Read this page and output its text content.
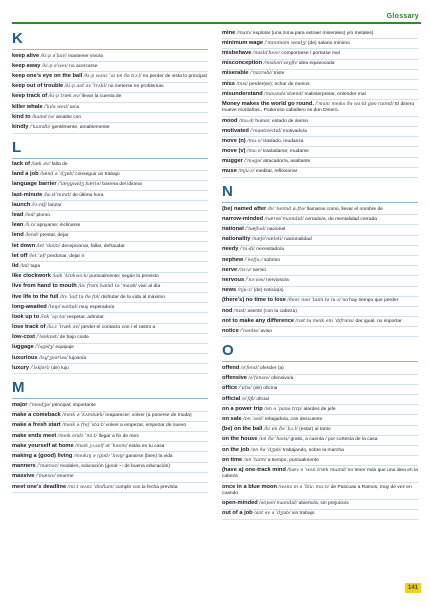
Glossary
K
keep alive /kiːp əˈlaɪv/ mantener vivo/a
keep away /kiːp əˈweɪ/ no acercarse
keep one's eye on the ball /kiːp wʌnz ˈaɪ ɒn ðə bɔːl/ no perder de vista lo principal
keep out of trouble /kiːp aʊt əv ˈtrʌbl/ no meterse en problemas
keep track of /kiːp træk əv/ llevar la cuenta de
killer whale /ˈkɪlə weɪl/ orca
kind to /kaɪnd tə/ amable con
kindly /ˈkaɪndli/ gentilmente, amablemente
L
lack of /læk əv/ falta de
land a job /lænd ə ˈdʒɒb/ conseguir un trabajo
language barrier /ˈlæŋɡwɪdʒ bæriə/ barrera del idioma
last-minute /lɑːstˈmɪnɪt/ de última hora
launch /lɔːntʃ/ lanzar
lead /led/ plomo
lean /liːn/ apoyarse; inclinarse
lend /lend/ prestar, dejar
let down /let ˈdaʊn/ decepcionar, fallar, defraudar
let off /let ˈɒf/ perdonar, dejar ir
lid /lɪd/ tapa
like clockwork /laɪk ˈklɒkwɜːk/ puntualmente; según lo previsto
live from hand to mouth /lɪv frɒm hænd tə ˈmaʊθ/ vivir al día
live life to the full /lɪv ˈlaɪf tə ðə fʊl/ disfrutar de la vida al máximo
long-awaited /lɒŋəˈweɪtɪd/ muy esperado/a
look up to /lʊk ˈʌp tə/ respetar, admirar
lose track of /luːz ˈtræk əv/ perder el contacto con / el rastro a
low-cost /ˈləʊkɒst/ de bajo coste
luggage /ˈlʌɡɪdʒ/ equipaje
luxurious /lʌɡˈʒʊəriəs/ lujoso/a
luxury /ˈlʌkʃəri/ (de) lujo
M
major /ˈmeɪdʒə/ principal; importante
make a comeback /meɪk ə ˈkʌmbæk/ reaparecer; volver (a ponerse de moda)
make a fresh start /meɪk ə freʃ ˈstɑːt/ volver a empezar, empezar de nuevo
make ends meet /meɪk endz ˈmiːt/ llegar a fin de mes
make yourself at home /meɪk jɔːself ət ˈhəʊm/ estás en tu casa
making a (good) living /meɪkɪŋ ə (ɡʊd) ˈlɪvɪŋ/ ganarse (bien) la vida
manners /ˈmænəz/ modales, educación (good ~: de buena educación)
massive /ˈmæsɪv/ enorme
meet one's deadline /miːt wʌnz ˈdedlaɪn/ cumplir con la fecha prevista
mine /maɪn/ explotar (una zona para extraer minerales) y/o metales)
minimum wage /ˈmɪnɪməm weɪdʒ/ (de) salario mínimo
misbehave /mɪsbɪˈheɪv/ comportarse / portarse mal
misconception /mɪskənˈsepʃn/ idea equivocada
miserable /ˈmɪzrəbl/ triste
miss /mɪs/ perder(se); echar de menos
misunderstand /mɪsʌndəˈstænd/ malinterpretar, entender mal
Money makes the world go round. /ˈmʌni meɪks ðə wɜːld ɡəʊ raʊnd/ El dinero mueve montañas., Poderoso caballero es don Dinero.
mood /muːd/ humor; estado de ánimo
motivated /ˈməʊtɪveɪtɪd/ motivado/a
move (n) /muːv/ traslado, mudanza
move (v) /muːv/ trasladarse; mudarse
mugger /ˈmʌɡə/ atracador/a, asaltante
muse /mjuːz/ meditar, reflexionar
N
(be) named after /bi ˈneɪmd ɑːftə/ llamarse como, llevar el nombre de
narrow-minded /nærəʊˈmaɪndɪd/ cerrado/a, de mentalidad cerrada
national /ˈnæʃnəl/ nacional
nationality /næʃəˈnæləti/ nacionalidad
needy /ˈniːdi/ necesitado/a
nephew /ˈnefjuː/ sobrino
nerve /nɜːv/ nervio
nervous /ˈnɜːvəs/ nervioso/a
news /njuːz/ (de) noticia(s)
(there's) no time to lose /ðeəz nəʊ ˈtaɪm tə luːz/ no hay tiempo que perder
nod /nɒd/ asentir (con la cabeza)
not to make any difference /nɒt tə meɪk eni ˈdɪfrəns/ dar igual, no importar
notice /ˈnəʊtɪs/ aviso
O
offend /əˈfend/ ofender (a)
offensive /əˈfensɪv/ ofensivo/a
office /ˈɒfɪs/ (de) oficina
official /əˈfɪʃl/ oficial
on a power trip /ɒn ə ˈpaʊə trɪp/ alardes de jefe
on sale /ɒn ˈseɪl/ rebajado/a, con descuento
(be) on the ball /bi ɒn ðə ˈbɔːl/ (estar) al tanto
on the house /ɒn ðə ˈhaʊs/ gratis, a cuenta / por cortesía de la casa
on the job /ɒn ðə ˈdʒɒb/ trabajando, sobre la marcha
on time /ɒn ˈtaɪm/ a tiempo, puntualmente
(have a) one-track mind /hæv ə ˈwʌn træk maɪnd/ no tener más que una idea en la cabeza
once in a blue moon /wʌns ɪn ə ˈbluː muːn/ de Pascuas a Ramos, muy de vez en cuando
open-minded /əʊpənˈmaɪndɪd/ abierto/a, sin prejuicios
out of a job /aʊt əv ə ˈdʒɒb/ sin trabajo
141
